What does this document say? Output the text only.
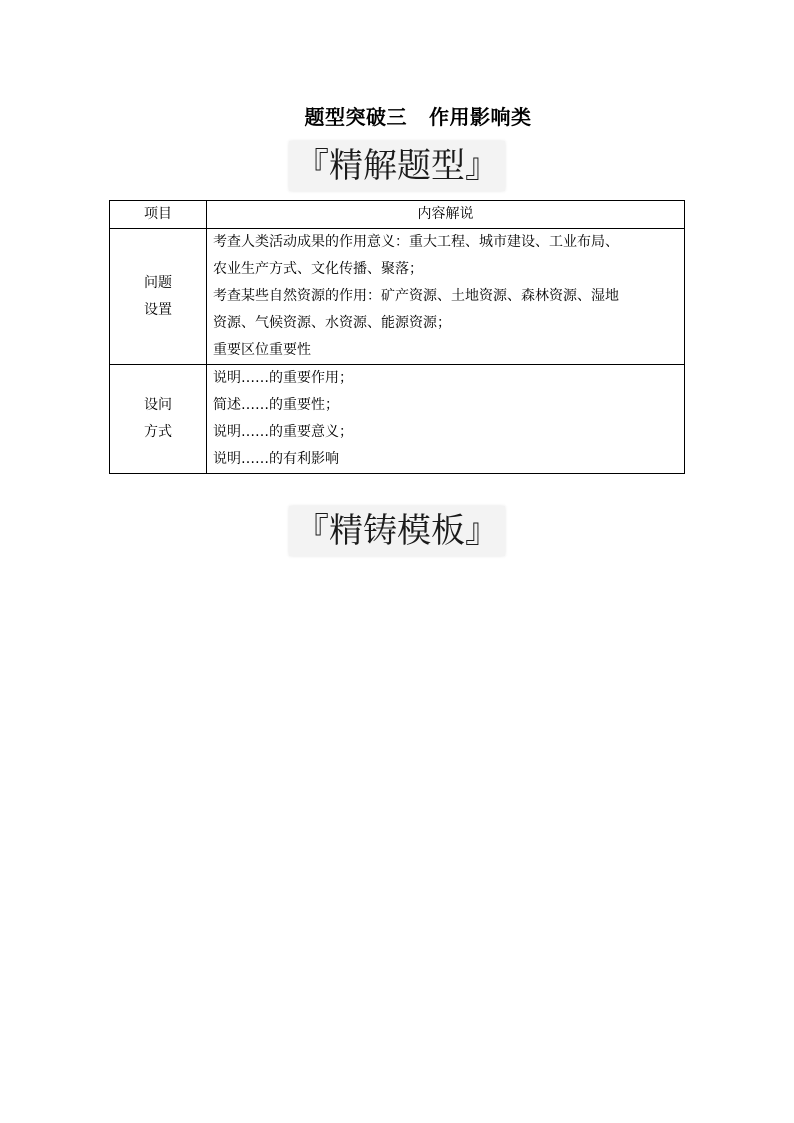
题型突破三 作用影响类
『精解题型』
项目	内容解说

问题
设置	考查人类活动成果的作用意义：重大工程、城市建设、工业布局、
农业生产方式、文化传播、聚落；
考查某些自然资源的作用：矿产资源、土地资源、森林资源、湿地
资源、气候资源、水资源、能源资源；
重要区位重要性

设问
方式	说明……的重要作用；
简述……的重要性；
说明……的重要意义；
说明……的有利影响
『精铸模板』
